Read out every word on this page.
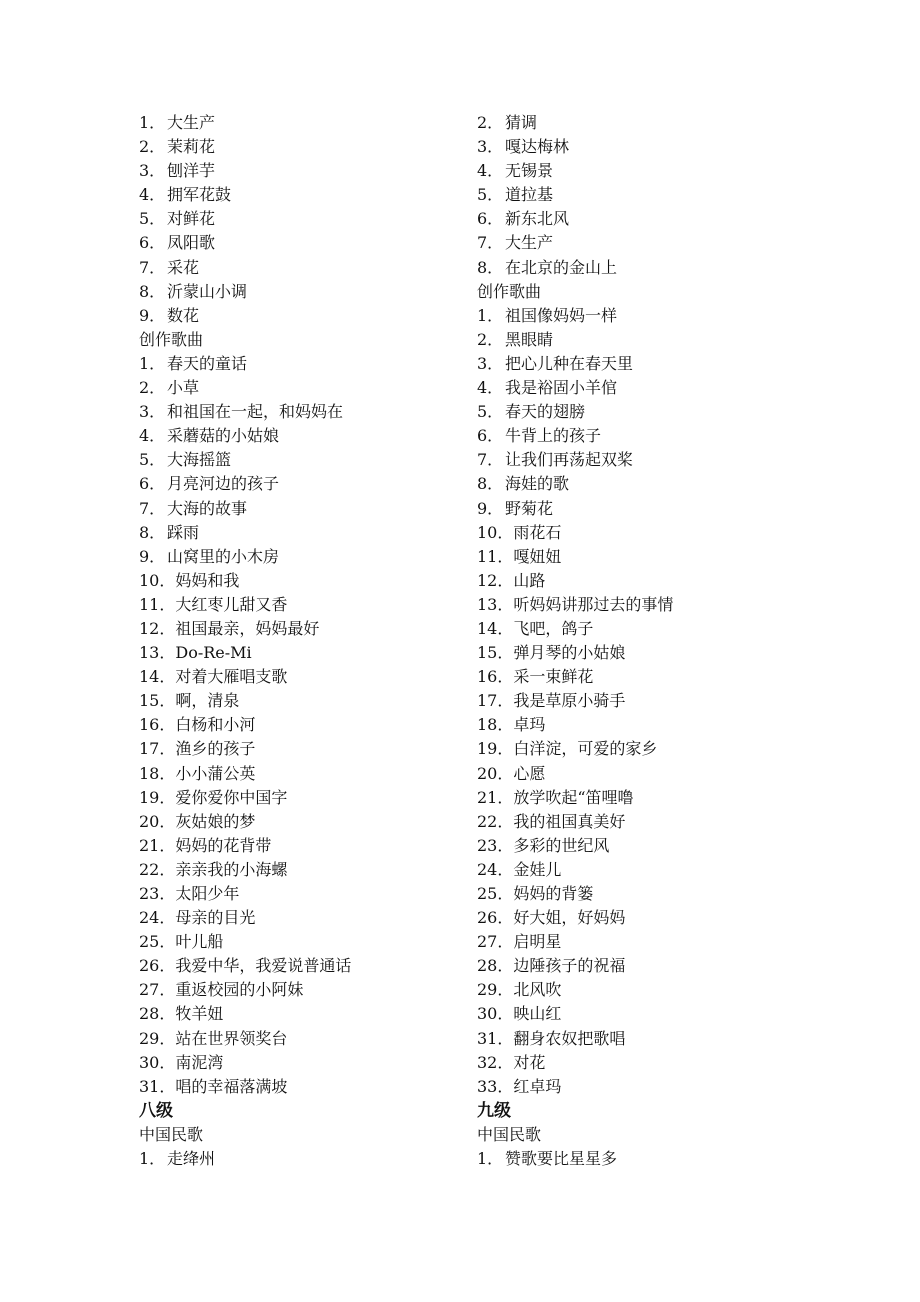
1． 大生产
2． 茉莉花
3． 刨洋芋
4． 拥军花鼓
5． 对鲜花
6． 凤阳歌
7． 采花
8． 沂蒙山小调
9． 数花
创作歌曲
1． 春天的童话
2． 小草
3． 和祖国在一起，和妈妈在
4． 采蘑菇的小姑娘
5． 大海摇篮
6． 月亮河边的孩子
7． 大海的故事
8． 踩雨
9． 山窝里的小木房
10．妈妈和我
11．大红枣儿甜又香
12．祖国最亲，妈妈最好
13．Do-Re-Mi
14．对着大雁唱支歌
15．啊，清泉
16．白杨和小河
17．渔乡的孩子
18．小小蒲公英
19．爱你爱你中国字
20．灰姑娘的梦
21．妈妈的花背带
22．亲亲我的小海螺
23．太阳少年
24．母亲的目光
25．叶儿船
26．我爱中华，我爱说普通话
27．重返校园的小阿妹
28．牧羊妞
29．站在世界领奖台
30．南泥湾
31．唱的幸福落满坡
八级
中国民歌
1． 走绛州
2． 猜调
3． 嘎达梅林
4． 无锡景
5． 道拉基
6． 新东北风
7． 大生产
8． 在北京的金山上
创作歌曲
1． 祖国像妈妈一样
2． 黑眼睛
3． 把心儿种在春天里
4． 我是裕固小羊倌
5． 春天的翅膀
6． 牛背上的孩子
7． 让我们再荡起双桨
8． 海娃的歌
9． 野菊花
10．雨花石
11．嘎妞妞
12．山路
13．听妈妈讲那过去的事情
14．飞吧，鸽子
15．弹月琴的小姑娘
16．采一束鲜花
17．我是草原小骑手
18．卓玛
19．白洋淀，可爱的家乡
20．心愿
21．放学吹起“笛哩噜
22．我的祖国真美好
23．多彩的世纪风
24．金娃儿
25．妈妈的背篓
26．好大姐，好妈妈
27．启明星
28．边陲孩子的祝福
29．北风吹
30．映山红
31．翻身农奴把歌唱
32．对花
33．红卓玛
九级
中国民歌
1． 赞歌要比星星多
